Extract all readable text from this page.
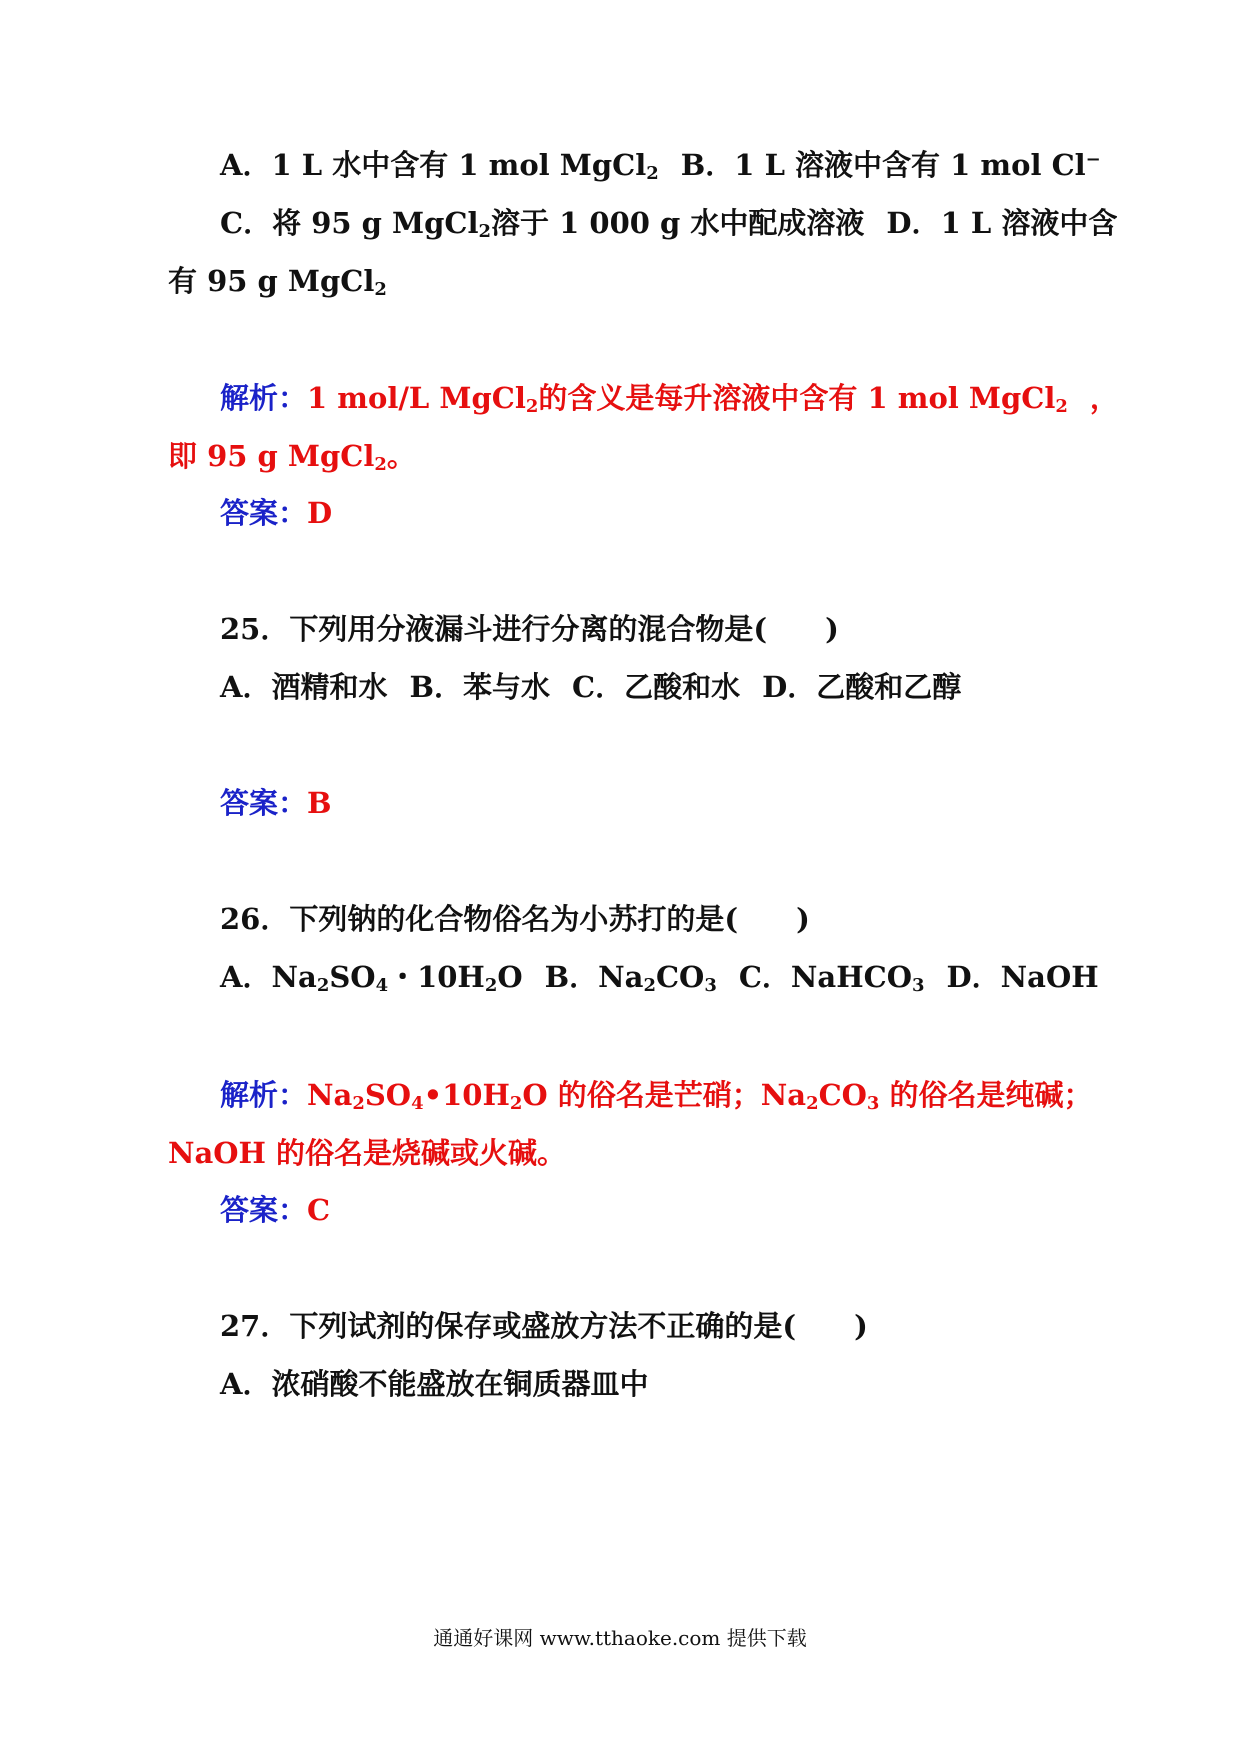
A．1 L 水中含有 1 mol MgCl$_2$ B．1 L 溶液中含有 1 mol Cl−
C．将 95 g MgCl$_2$溶于 1 000 g 水中配成溶液 D．1 L 溶液中含
有 95 g MgCl$_2$
解析：1 mol/L MgCl$_2$的含义是每升溶液中含有 1 mol MgCl$_2$ ，
即 95 g MgCl$_2$。
答案：D
25．下列用分液漏斗进行分离的混合物是(　　)
A．酒精和水 B．苯与水 C．乙酸和水 D．乙酸和乙醇
答案：B
26．下列钠的化合物俗名为小苏打的是(　　)
A．$Na_2SO_4$・$10H_2O$ B．$Na_2CO_3$ C．NaHCO$_3$ D．NaOH
解析：$Na_2SO_4•10H_2O$ 的俗名是芒硝；$Na_2CO_3$ 的俗名是纯碱；
NaOH 的俗名是烧碱或火碱。
答案：C
27．下列试剂的保存或盛放方法不正确的是(　　)
A．浓硝酸不能盛放在铜质器皿中
通通好课网 www.tthaoke.com 提供下载
